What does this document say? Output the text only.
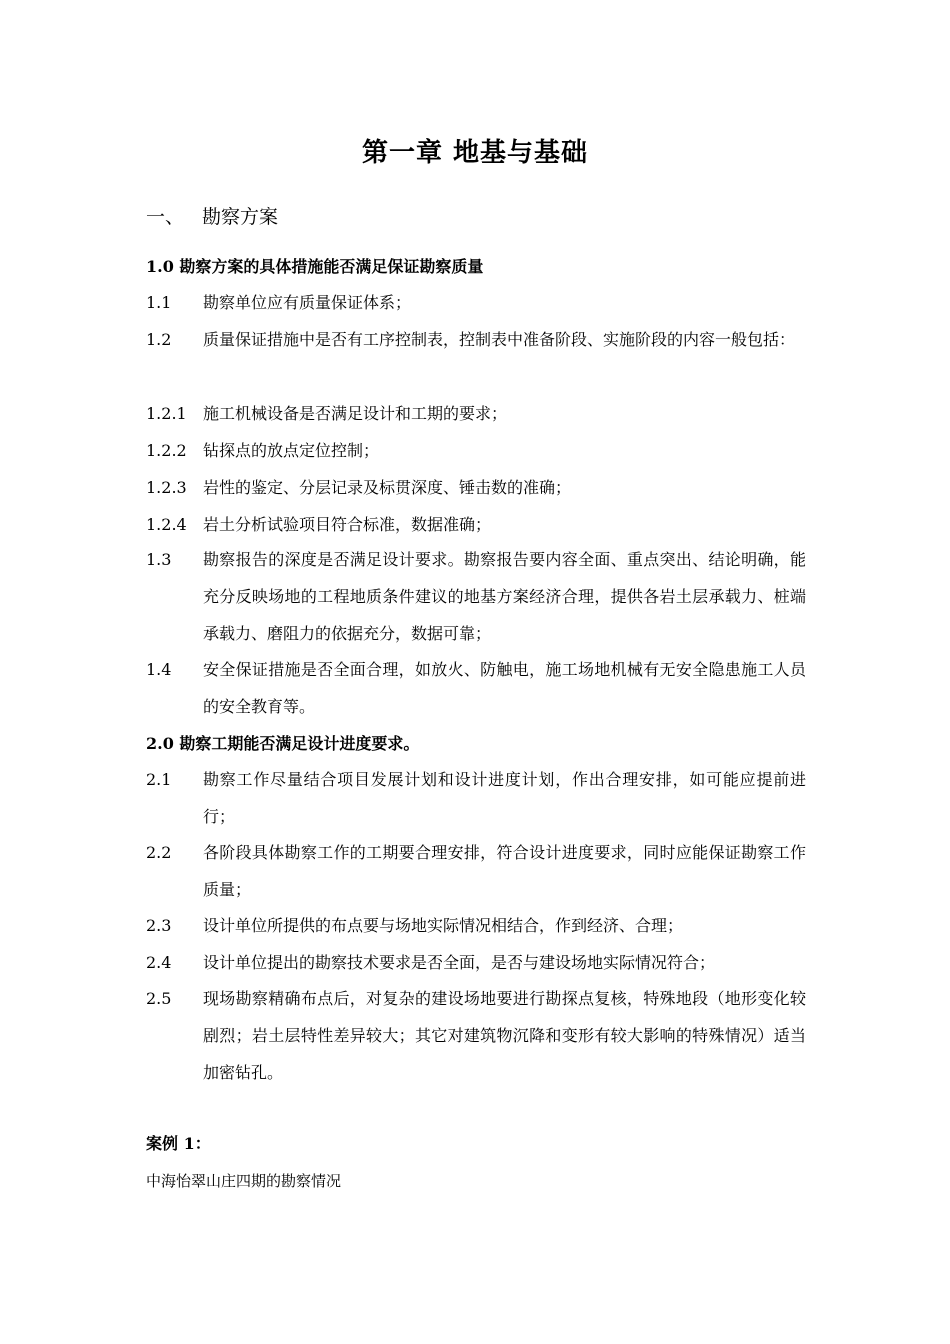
第一章 地基与基础
一、 勘察方案
1.0 勘察方案的具体措施能否满足保证勘察质量
1.1 勘察单位应有质量保证体系；
1.2 质量保证措施中是否有工序控制表，控制表中准备阶段、实施阶段的内容一般包括：
1.2.1 施工机械设备是否满足设计和工期的要求；
1.2.2 钻探点的放点定位控制；
1.2.3 岩性的鉴定、分层记录及标贯深度、锤击数的准确；
1.2.4 岩土分析试验项目符合标准，数据准确；
1.3 勘察报告的深度是否满足设计要求。勘察报告要内容全面、重点突出、结论明确，能充分反映场地的工程地质条件建议的地基方案经济合理，提供各岩土层承载力、桩端承载力、磨阻力的依据充分，数据可靠；
1.4 安全保证措施是否全面合理，如放火、防触电，施工场地机械有无安全隐患施工人员的安全教育等。
2.0 勘察工期能否满足设计进度要求。
2.1 勘察工作尽量结合项目发展计划和设计进度计划，作出合理安排，如可能应提前进行；
2.2 各阶段具体勘察工作的工期要合理安排，符合设计进度要求，同时应能保证勘察工作质量；
2.3 设计单位所提供的布点要与场地实际情况相结合，作到经济、合理；
2.4 设计单位提出的勘察技术要求是否全面，是否与建设场地实际情况符合；
2.5 现场勘察精确布点后，对复杂的建设场地要进行勘探点复核，特殊地段（地形变化较剧烈；岩土层特性差异较大；其它对建筑物沉降和变形有较大影响的特殊情况）适当加密钻孔。
案例 1：
中海怡翠山庄四期的勘察情况
